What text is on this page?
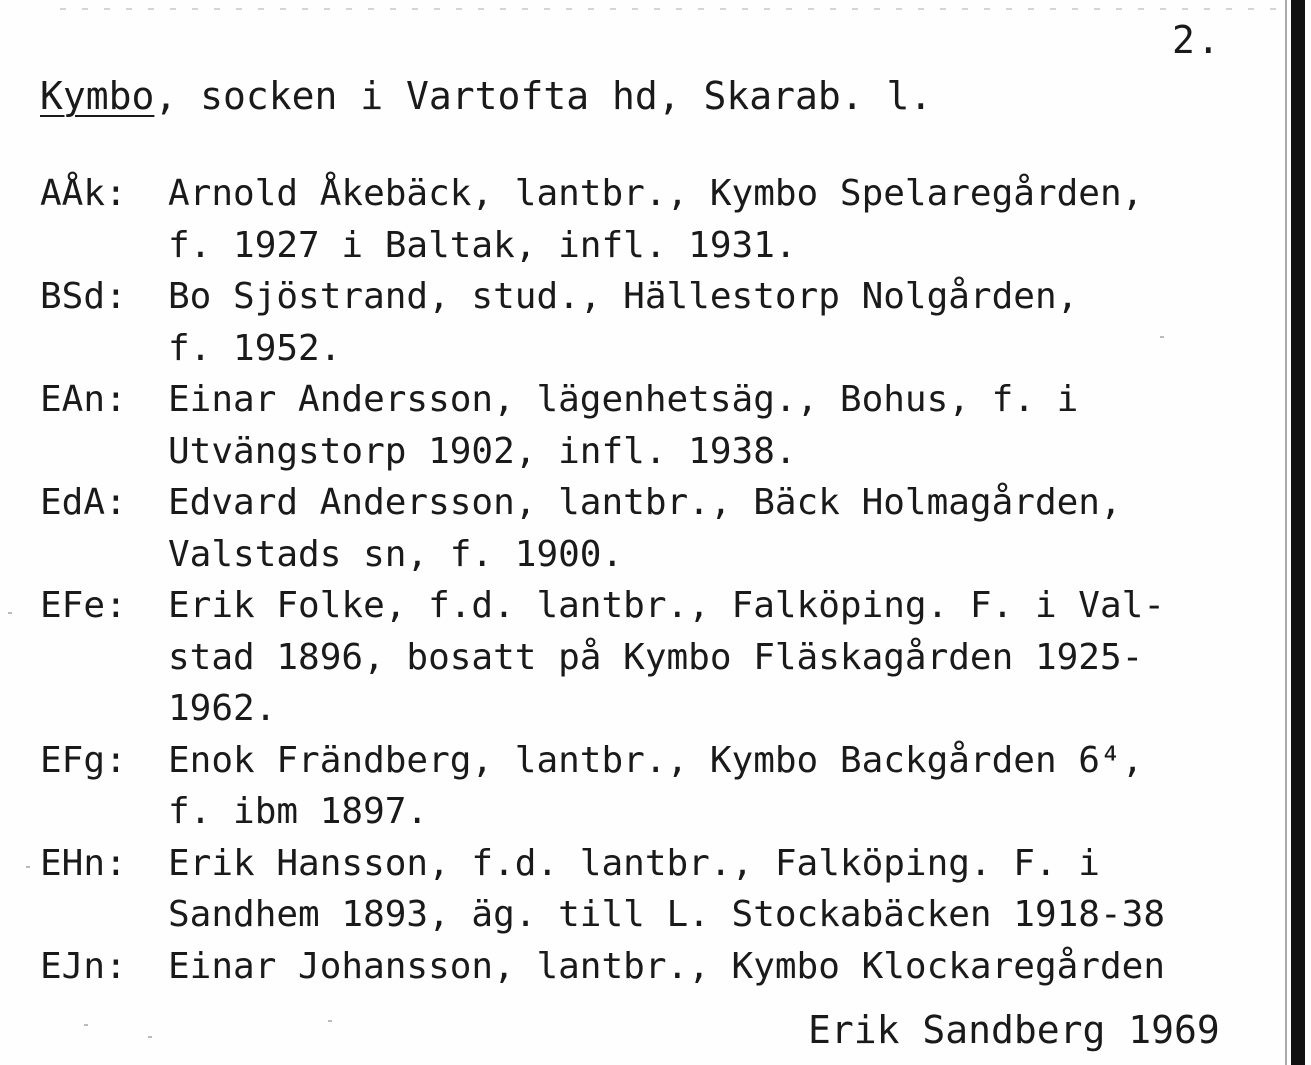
2.
Kymbo, socken i Vartofta hd, Skarab. l.
AÅk:	Arnold Åkebäck, lantbr., Kymbo Spelaregården,
f. 1927 i Baltak, infl. 1931.
BSd:	Bo Sjöstrand, stud., Hällestorp Nolgården,
f. 1952.
EAn:	Einar Andersson, lägenhetsäg., Bohus, f. i
Utvängstorp 1902, infl. 1938.
EdA:	Edvard Andersson, lantbr., Bäck Holmagården,
Valstads sn, f. 1900.
EFe:	Erik Folke, f.d. lantbr., Falköping. F. i Val-
stad 1896, bosatt på Kymbo Fläskagården 1925-
1962.
EFg:	Enok Frändberg, lantbr., Kymbo Backgården 6⁴,
f. ibm 1897.
EHn:	Erik Hansson, f.d. lantbr., Falköping. F. i
Sandhem 1893, äg. till L. Stockabäcken 1918-38
EJn:	Einar Johansson, lantbr., Kymbo Klockaregården
Erik Sandberg 1969
